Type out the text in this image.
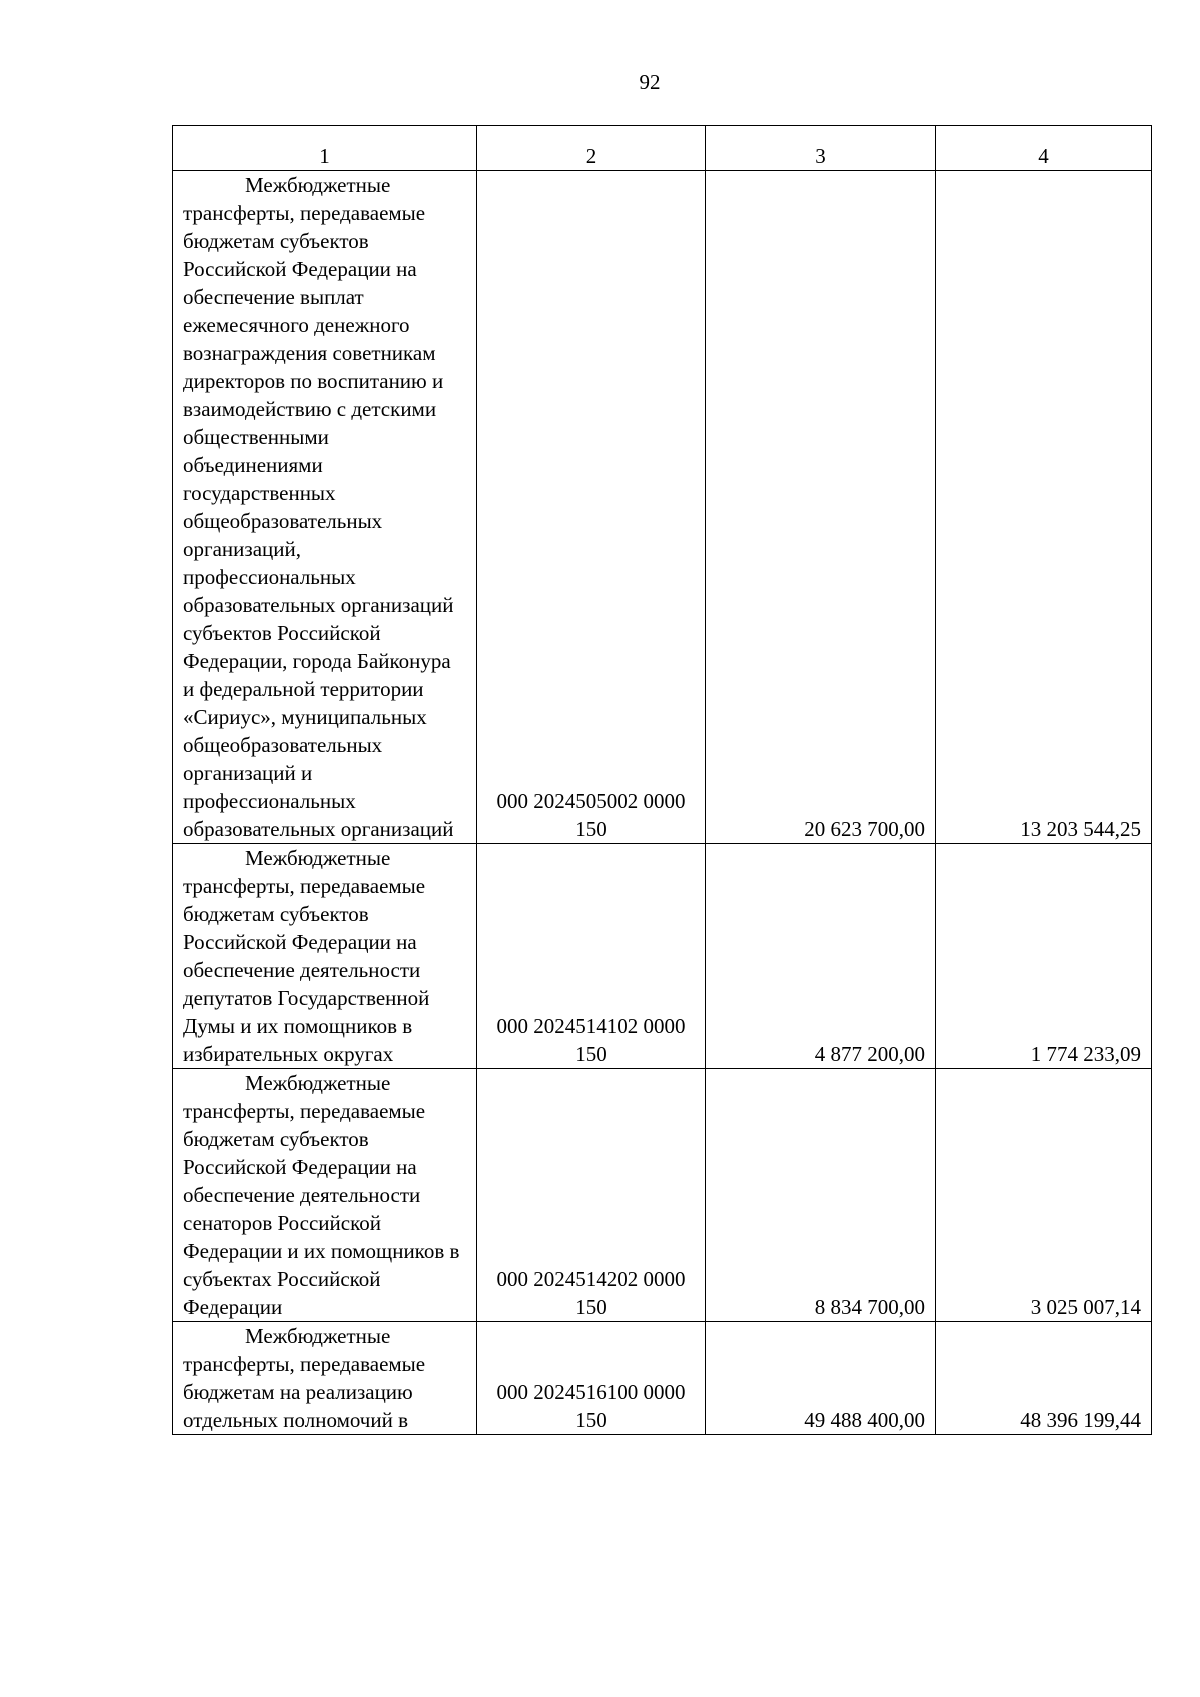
92
1	2	3	4

Межбюджетные трансферты, передаваемые бюджетам субъектов Российской Федерации на обеспечение выплат ежемесячного денежного вознаграждения советникам директоров по воспитанию и взаимодействию с детскими общественными объединениями государственных общеобразовательных организаций, профессиональных образовательных организаций субъектов Российской Федерации, города Байконура и федеральной территории «Сириус», муниципальных общеобразовательных организаций и профессиональных образовательных организаций	000 2024505002 0000 150	20 623 700,00	13 203 544,25

Межбюджетные трансферты, передаваемые бюджетам субъектов Российской Федерации на обеспечение деятельности депутатов Государственной Думы и их помощников в избирательных округах	000 2024514102 0000 150	4 877 200,00	1 774 233,09

Межбюджетные трансферты, передаваемые бюджетам субъектов Российской Федерации на обеспечение деятельности сенаторов Российской Федерации и их помощников в субъектах Российской Федерации	000 2024514202 0000 150	8 834 700,00	3 025 007,14

Межбюджетные трансферты, передаваемые бюджетам на реализацию отдельных полномочий в	000 2024516100 0000 150	49 488 400,00	48 396 199,44
